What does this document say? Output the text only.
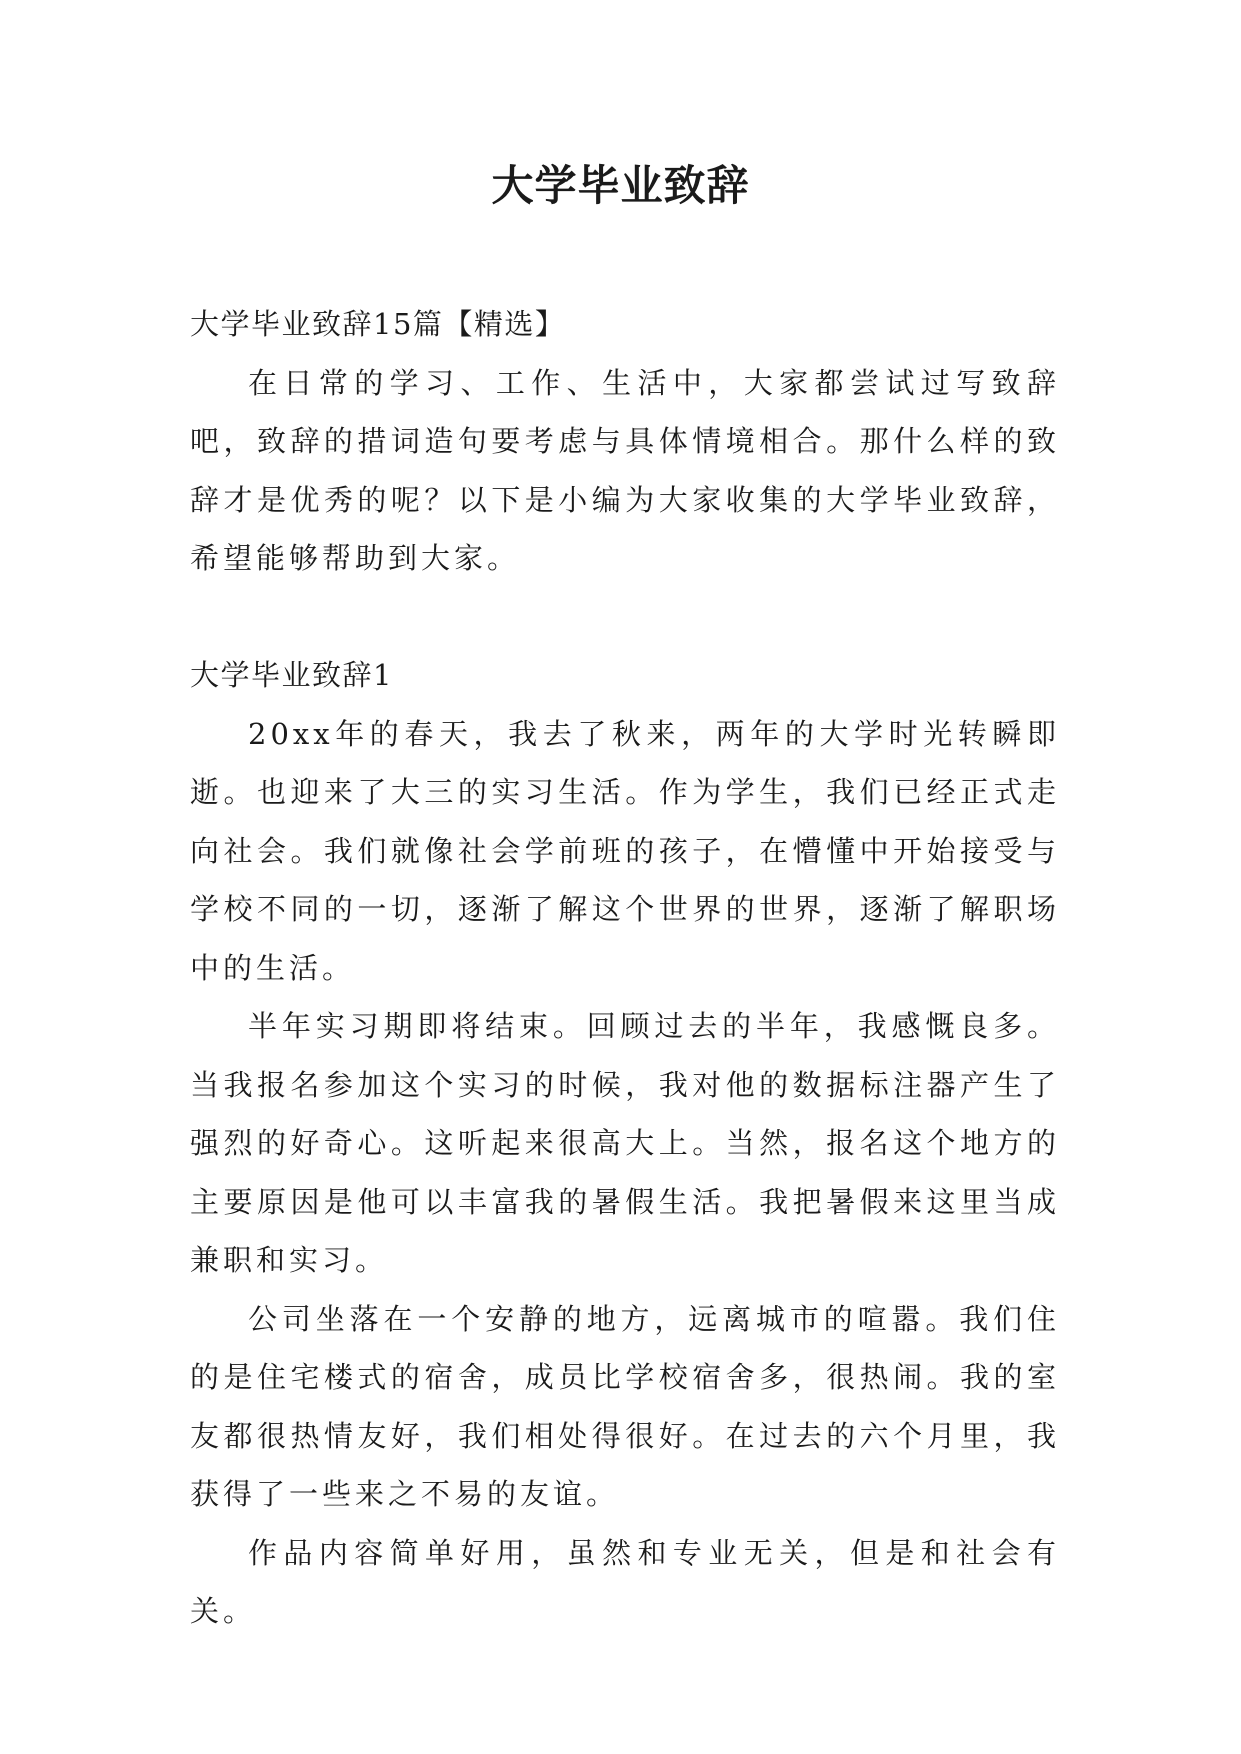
大学毕业致辞

大学毕业致辞15篇【精选】

在日常的学习、工作、生活中，大家都尝试过写致辞吧，致辞的措词造句要考虑与具体情境相合。那什么样的致辞才是优秀的呢？以下是小编为大家收集的大学毕业致辞，希望能够帮助到大家。

大学毕业致辞1

20xx年的春天，我去了秋来，两年的大学时光转瞬即逝。也迎来了大三的实习生活。作为学生，我们已经正式走向社会。我们就像社会学前班的孩子，在懵懂中开始接受与学校不同的一切，逐渐了解这个世界的世界，逐渐了解职场中的生活。

半年实习期即将结束。回顾过去的半年，我感慨良多。当我报名参加这个实习的时候，我对他的数据标注器产生了强烈的好奇心。这听起来很高大上。当然，报名这个地方的主要原因是他可以丰富我的暑假生活。我把暑假来这里当成兼职和实习。

公司坐落在一个安静的地方，远离城市的喧嚣。我们住的是住宅楼式的宿舍，成员比学校宿舍多，很热闹。我的室友都很热情友好，我们相处得很好。在过去的六个月里，我获得了一些来之不易的友谊。

作品内容简单好用，虽然和专业无关，但是和社会有关。
